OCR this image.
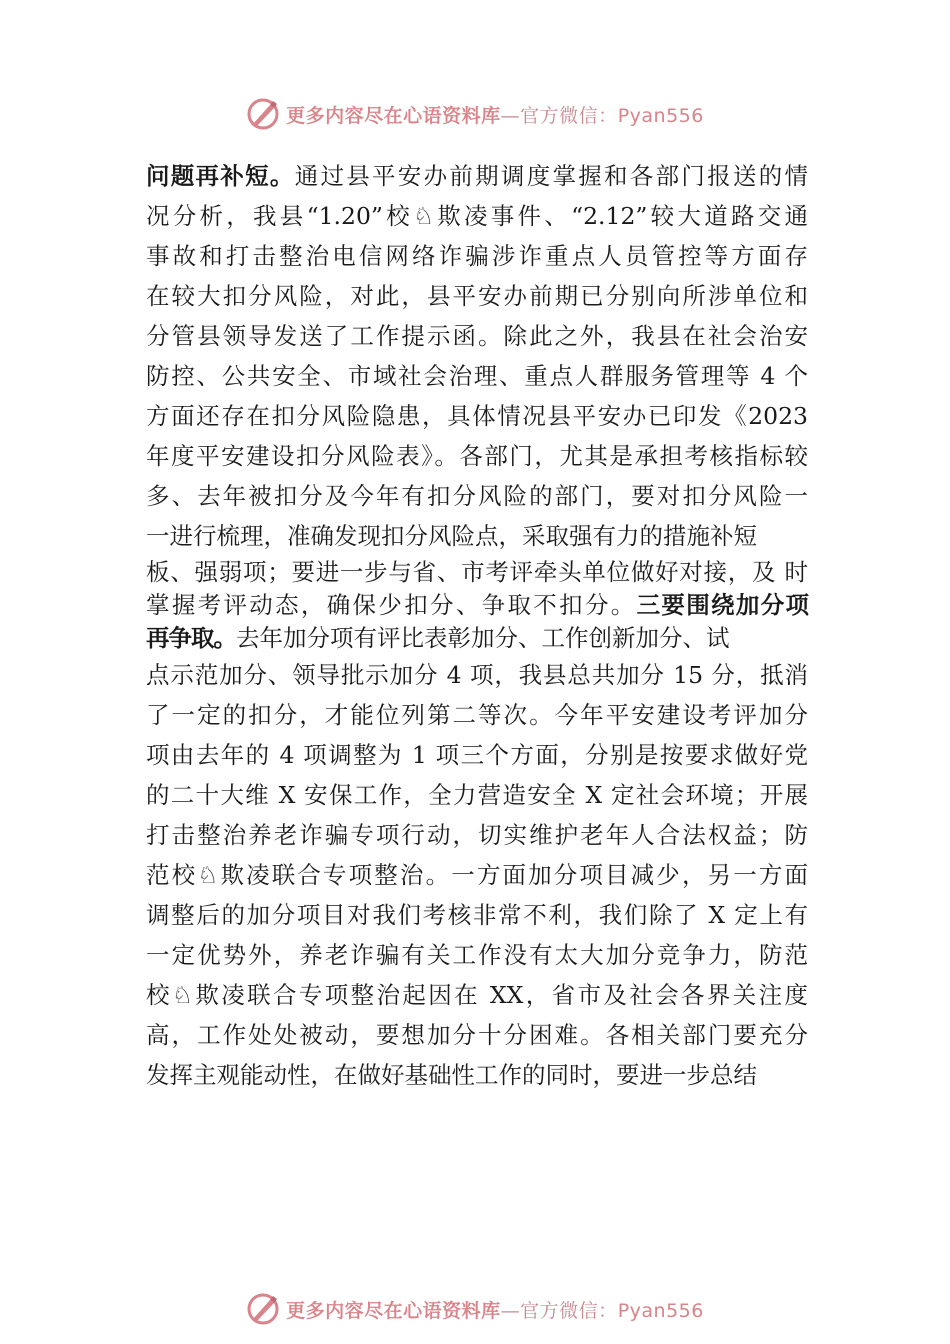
更多内容尽在心语资料库—官方微信：Pyan556
问题再补短。通过县平安办前期调度掌握和各部门报送的情
况分析，我县“1.20”校♘欺凌事件、“2.12”较大道路交通
事故和打击整治电信网络诈骗涉诈重点人员管控等方面存
在较大扣分风险，对此，县平安办前期已分别向所涉单位和
分管县领导发送了工作提示函。除此之外，我县在社会治安
防控、公共安全、市域社会治理、重点人群服务管理等 4 个
方面还存在扣分风险隐患，具体情况县平安办已印发《2023
年度平安建设扣分风险表》。各部门，尤其是承担考核指标较
多、去年被扣分及今年有扣分风险的部门，要对扣分风险一
一进行梳理，准确发现扣分风险点，采取强有力的措施补短
板、强弱项；要进一步与省、市考评牵头单位做好对接，及 时
掌握考评动态，确保少扣分、争取不扣分。三要围绕加分项
再争取。去年加分项有评比表彰加分、工作创新加分、试
点示范加分、领导批示加分 4 项，我县总共加分 15 分，抵消
了一定的扣分，才能位列第二等次。今年平安建设考评加分
项由去年的 4 项调整为 1 项三个方面，分别是按要求做好党
的二十大维 X 安保工作，全力营造安全 X 定社会环境；开展
打击整治养老诈骗专项行动，切实维护老年人合法权益；防
范校♘欺凌联合专项整治。一方面加分项目减少，另一方面
调整后的加分项目对我们考核非常不利，我们除了 X 定上有
一定优势外，养老诈骗有关工作没有太大加分竞争力，防范
校♘欺凌联合专项整治起因在 XX，省市及社会各界关注度
高，工作处处被动，要想加分十分困难。各相关部门要充分
发挥主观能动性，在做好基础性工作的同时，要进一步总结
更多内容尽在心语资料库—官方微信：Pyan556
